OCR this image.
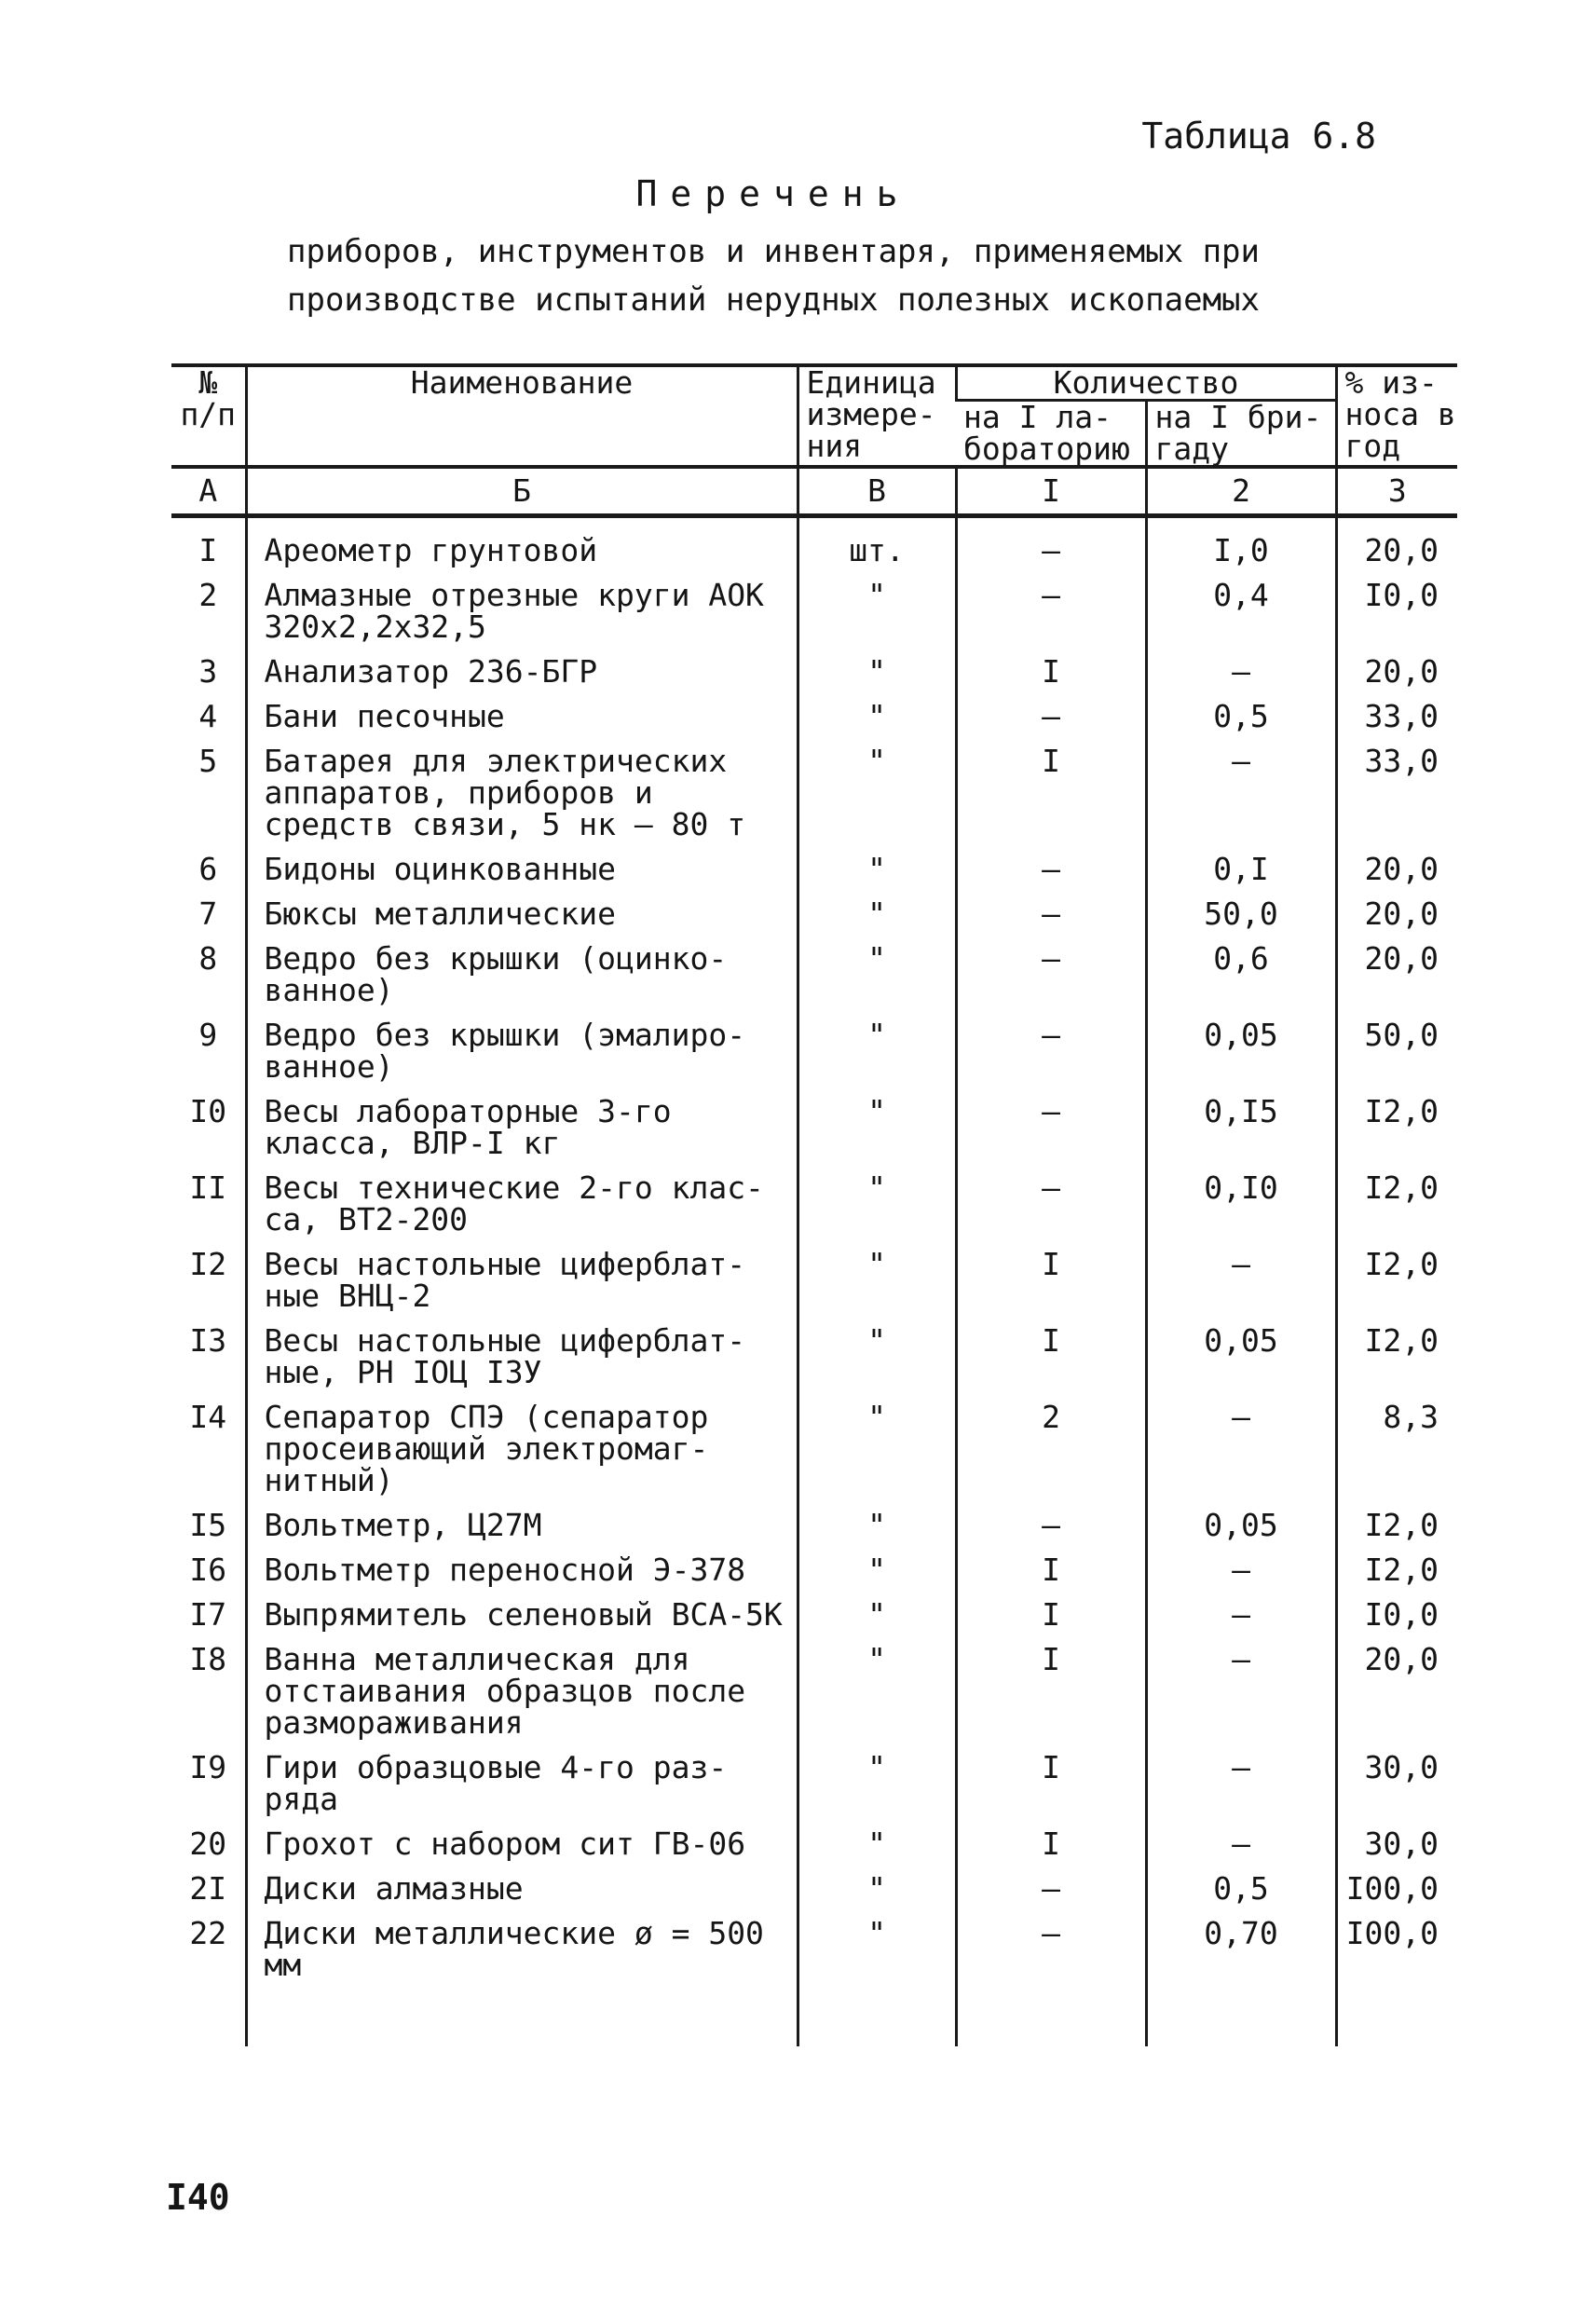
Таблица 6.8
Перечень
приборов, инструментов и инвентаря, применяемых при
производстве испытаний нерудных полезных ископаемых
№ п/п	Наименование	Единица измере-ния	Количество		% из-носа в год
			на I ла-бораторию	на I бри-гаду	
А	Б	В	I	2	3
I	Ареометр грунтовой	шт.	–	I,0	20,0
2	Алмазные отрезные круги АОК 320х2,2х32,5	"	–	0,4	I0,0
3	Анализатор 236-БГР	"	I	–	20,0
4	Бани песочные	"	–	0,5	33,0
5	Батарея для электрических аппаратов, приборов и средств связи, 5 нк – 80 т	"	I	–	33,0
6	Бидоны оцинкованные	"	–	0,I	20,0
7	Бюксы металлические	"	–	50,0	20,0
8	Ведро без крышки (оцинко-ванное)	"	–	0,6	20,0
9	Ведро без крышки (эмалиро-ванное)	"	–	0,05	50,0
I0	Весы лабораторные 3-го класса, ВЛР-I кг	"	–	0,I5	I2,0
II	Весы технические 2-го клас-са, ВТ2-200	"	–	0,I0	I2,0
I2	Весы настольные циферблат-ные ВНЦ-2	"	I	–	I2,0
I3	Весы настольные циферблат-ные, РН IОЦ I3У	"	I	0,05	I2,0
I4	Сепаратор СПЭ (сепаратор просеивающий электромаг-нитный)	"	2	–	8,3
I5	Вольтметр, Ц27М	"	–	0,05	I2,0
I6	Вольтметр переносной Э-378	"	I	–	I2,0
I7	Выпрямитель селеновый ВСА-5К	"	I	–	I0,0
I8	Ванна металлическая для отстаивания образцов после размораживания	"	I	–	20,0
I9	Гири образцовые 4-го раз-ряда	"	I	–	30,0
20	Грохот с набором сит ГВ-06	"	I	–	30,0
2I	Диски алмазные	"	–	0,5	I00,0
22	Диски металлические ø = 500 мм	"	–	0,70	I00,0

I40
